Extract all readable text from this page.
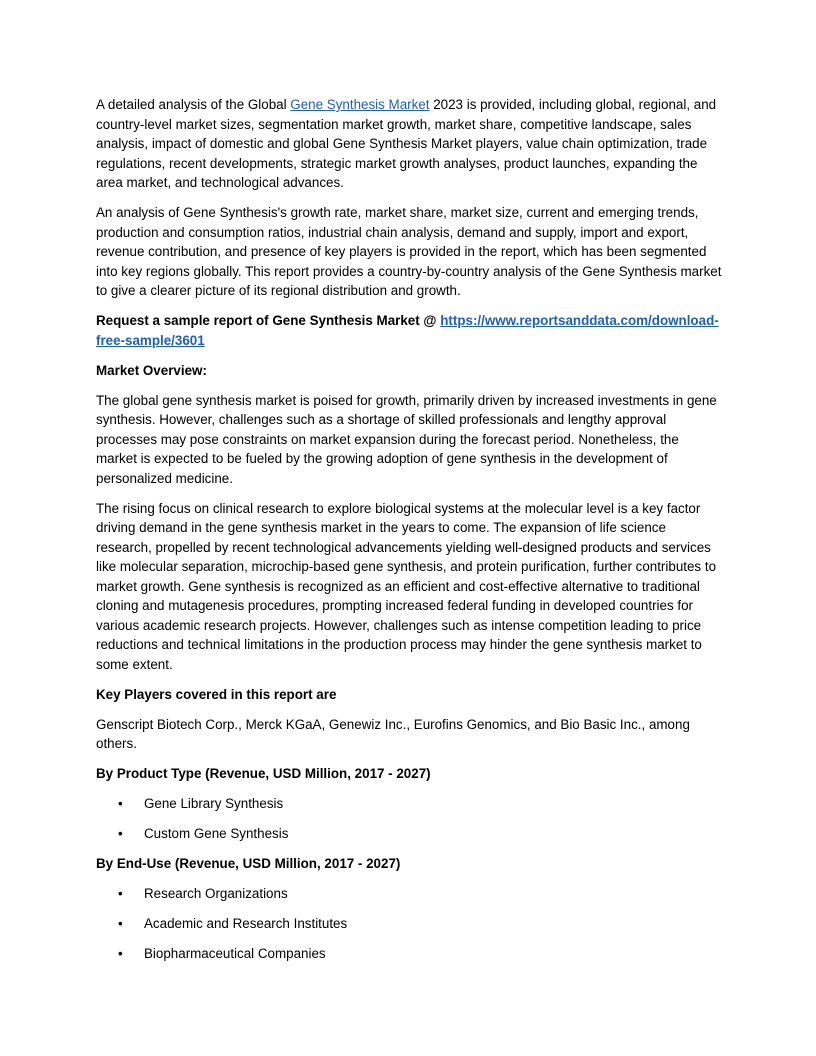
A detailed analysis of the Global Gene Synthesis Market 2023 is provided, including global, regional, and country-level market sizes, segmentation market growth, market share, competitive landscape, sales analysis, impact of domestic and global Gene Synthesis Market players, value chain optimization, trade regulations, recent developments, strategic market growth analyses, product launches, expanding the area market, and technological advances.

An analysis of Gene Synthesis's growth rate, market share, market size, current and emerging trends, production and consumption ratios, industrial chain analysis, demand and supply, import and export, revenue contribution, and presence of key players is provided in the report, which has been segmented into key regions globally. This report provides a country-by-country analysis of the Gene Synthesis market to give a clearer picture of its regional distribution and growth.

Request a sample report of Gene Synthesis Market @ https://www.reportsanddata.com/download-free-sample/3601

Market Overview:

The global gene synthesis market is poised for growth, primarily driven by increased investments in gene synthesis. However, challenges such as a shortage of skilled professionals and lengthy approval processes may pose constraints on market expansion during the forecast period. Nonetheless, the market is expected to be fueled by the growing adoption of gene synthesis in the development of personalized medicine.

The rising focus on clinical research to explore biological systems at the molecular level is a key factor driving demand in the gene synthesis market in the years to come. The expansion of life science research, propelled by recent technological advancements yielding well-designed products and services like molecular separation, microchip-based gene synthesis, and protein purification, further contributes to market growth. Gene synthesis is recognized as an efficient and cost-effective alternative to traditional cloning and mutagenesis procedures, prompting increased federal funding in developed countries for various academic research projects. However, challenges such as intense competition leading to price reductions and technical limitations in the production process may hinder the gene synthesis market to some extent.

Key Players covered in this report are

Genscript Biotech Corp., Merck KGaA, Genewiz Inc., Eurofins Genomics, and Bio Basic Inc., among others.

By Product Type (Revenue, USD Million, 2017 - 2027)

• Gene Library Synthesis
• Custom Gene Synthesis

By End-Use (Revenue, USD Million, 2017 - 2027)

• Research Organizations
• Academic and Research Institutes
• Biopharmaceutical Companies
